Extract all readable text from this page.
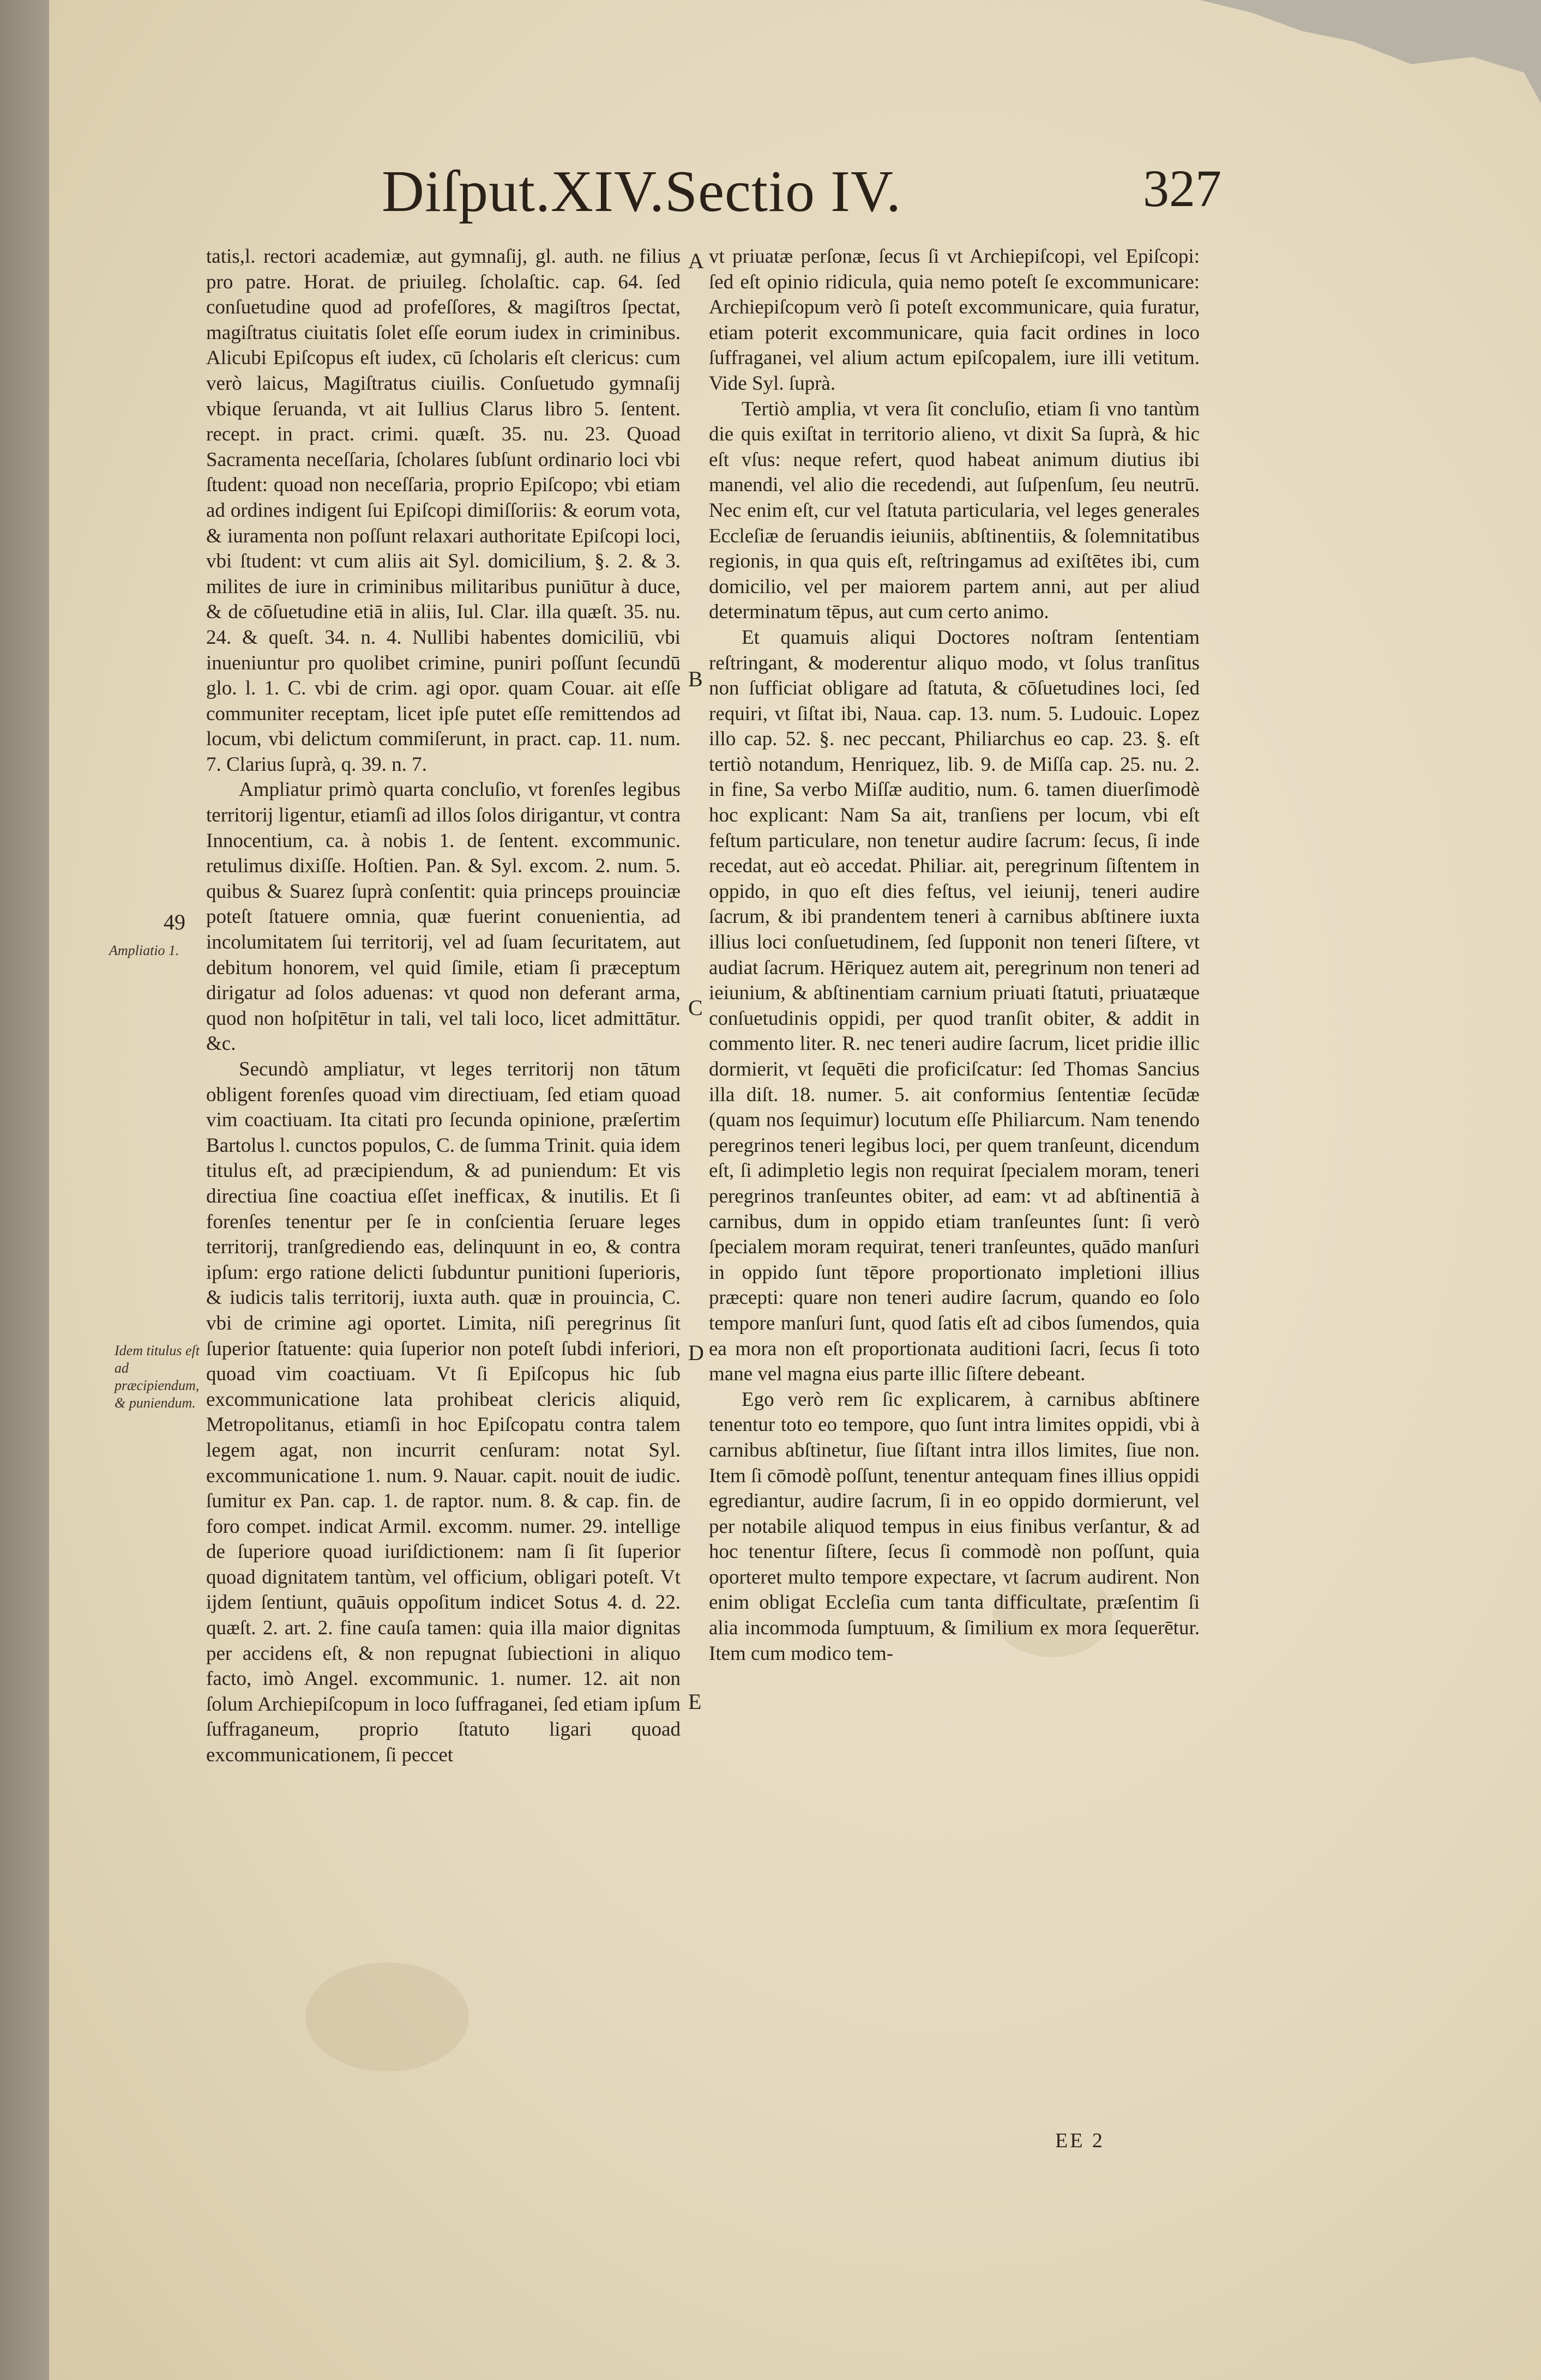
Diſput.XIV.Sectio IV.	327

tatis,l. rectori academiæ, aut gymnaſij, gl. auth. ne filius pro patre. Horat. de priuileg. ſcholaſtic. cap. 64. ſed conſuetudine quod ad profeſſores, & magiſtros ſpectat, magiſtratus ciuitatis ſolet eſſe eorum iudex in criminibus. Alicubi Epiſcopus eſt iudex, cū ſcholaris eſt clericus: cum verò laicus, Magiſtratus ciuilis. Conſuetudo gymnaſij vbique ſeruanda, vt ait Iullius Clarus libro 5. ſentent. recept. in pract. crimi. quæſt. 35. nu. 23. Quoad Sacramenta neceſſaria, ſcholares ſubſunt ordinario loci vbi ſtudent: quoad non neceſſaria, proprio Epiſcopo; vbi etiam ad ordines indigent ſui Epiſcopi dimiſſoriis: & eorum vota, & iuramenta non poſſunt relaxari authoritate Epiſcopi loci, vbi ſtudent: vt cum aliis ait Syl. domicilium, §. 2. & 3. milites de iure in criminibus militaribus puniūtur à duce, & de cōſuetudine etiā in aliis, Iul. Clar. illa quæſt. 35. nu. 24. & queſt. 34. n. 4. Nullibi habentes domiciliū, vbi inueniuntur pro quolibet crimine, puniri poſſunt ſecundū glo. l. 1. C. vbi de crim. agi opor. quam Couar. ait eſſe communiter receptam, licet ipſe putet eſſe remittendos ad locum, vbi delictum commiſerunt, in pract. cap. 11. num. 7. Clarius ſuprà, q. 39. n. 7.

Ampliatur primò quarta concluſio, vt forenſes legibus territorij ligentur, etiamſi ad illos ſolos dirigantur, vt contra Innocentium, ca. à nobis 1. de ſentent. excommunic. retulimus dixiſſe. Hoſtien. Pan. & Syl. excom. 2. num. 5. quibus & Suarez ſuprà conſentit: quia princeps prouinciæ poteſt ſtatuere omnia, quæ fuerint conuenientia, ad incolumitatem ſui territorij, vel ad ſuam ſecuritatem, aut debitum honorem, vel quid ſimile, etiam ſi præceptum dirigatur ad ſolos aduenas: vt quod non deferant arma, quod non hoſpitētur in tali, vel tali loco, licet admittātur. &c.

Secundò ampliatur, vt leges territorij non tātum obligent forenſes quoad vim directiuam, ſed etiam quoad vim coactiuam. Ita citati pro ſecunda opinione, præſertim Bartolus l. cunctos populos, C. de ſumma Trinit. quia idem titulus eſt, ad præcipiendum, & ad puniendum: Et vis directiua ſine coactiua eſſet inefficax, & inutilis. Et ſi forenſes tenentur per ſe in conſcientia ſeruare leges territorij, tranſgrediendo eas, delinquunt in eo, & contra ipſum: ergo ratione delicti ſubduntur punitioni ſuperioris, & iudicis talis territorij, iuxta auth. quæ in prouincia, C. vbi de crimine agi oportet. Limita, niſi peregrinus ſit ſuperior ſtatuente: quia ſuperior non poteſt ſubdi inferiori, quoad vim coactiuam. Vt ſi Epiſcopus hic ſub excommunicatione lata prohibeat clericis aliquid, Metropolitanus, etiamſi in hoc Epiſcopatu contra talem legem agat, non incurrit cenſuram: notat Syl. excommunicatione 1. num. 9. Nauar. capit. nouit de iudic. ſumitur ex Pan. cap. 1. de raptor. num. 8. & cap. fin. de foro compet. indicat Armil. excomm. numer. 29. intellige de ſuperiore quoad iuriſdictionem: nam ſi ſit ſuperior quoad dignitatem tantùm, vel officium, obligari poteſt. Vt ijdem ſentiunt, quāuis oppoſitum indicet Sotus 4. d. 22. quæſt. 2. art. 2. fine cauſa tamen: quia illa maior dignitas per accidens eſt, & non repugnat ſubiectioni in aliquo facto, imò Angel. excommunic. 1. numer. 12. ait non ſolum Archiepiſcopum in loco ſuffraganei, ſed etiam ipſum ſuffraganeum, proprio ſtatuto ligari quoad excommunicationem, ſi peccet

vt priuatæ perſonæ, ſecus ſi vt Archiepiſcopi, vel Epiſcopi: ſed eſt opinio ridicula, quia nemo poteſt ſe excommunicare: Archiepiſcopum verò ſi poteſt excommunicare, quia furatur, etiam poterit excommunicare, quia facit ordines in loco ſuffraganei, vel alium actum epiſcopalem, iure illi vetitum. Vide Syl. ſuprà.

Tertiò amplia, vt vera ſit concluſio, etiam ſi vno tantùm die quis exiſtat in territorio alieno, vt dixit Sa ſuprà, & hic eſt vſus: neque refert, quod habeat animum diutius ibi manendi, vel alio die recedendi, aut ſuſpenſum, ſeu neutrū. Nec enim eſt, cur vel ſtatuta particularia, vel leges generales Eccleſiæ de ſeruandis ieiuniis, abſtinentiis, & ſolemnitatibus regionis, in qua quis eſt, reſtringamus ad exiſtētes ibi, cum domicilio, vel per maiorem partem anni, aut per aliud determinatum tēpus, aut cum certo animo.

Et quamuis aliqui Doctores noſtram ſententiam reſtringant, & moderentur aliquo modo, vt ſolus tranſitus non ſufficiat obligare ad ſtatuta, & cōſuetudines loci, ſed requiri, vt ſiſtat ibi, Naua. cap. 13. num. 5. Ludouic. Lopez illo cap. 52. §. nec peccant, Philiarchus eo cap. 23. §. eſt tertiò notandum, Henriquez, lib. 9. de Miſſa cap. 25. nu. 2. in fine, Sa verbo Miſſæ auditio, num. 6. tamen diuerſimodè hoc explicant: Nam Sa ait, tranſiens per locum, vbi eſt feſtum particulare, non tenetur audire ſacrum: ſecus, ſi inde recedat, aut eò accedat. Philiar. ait, peregrinum ſiſtentem in oppido, in quo eſt dies feſtus, vel ieiunij, teneri audire ſacrum, & ibi prandentem teneri à carnibus abſtinere iuxta illius loci conſuetudinem, ſed ſupponit non teneri ſiſtere, vt audiat ſacrum. Hēriquez autem ait, peregrinum non teneri ad ieiunium, & abſtinentiam carnium priuati ſtatuti, priuatæque conſuetudinis oppidi, per quod tranſit obiter, & addit in commento liter. R. nec teneri audire ſacrum, licet pridie illic dormierit, vt ſequēti die proficiſcatur: ſed Thomas Sancius illa diſt. 18. numer. 5. ait conformius ſententiæ ſecūdæ (quam nos ſequimur) locutum eſſe Philiarcum. Nam tenendo peregrinos teneri legibus loci, per quem tranſeunt, dicendum eſt, ſi adimpletio legis non requirat ſpecialem moram, teneri peregrinos tranſeuntes obiter, ad eam: vt ad abſtinentiā à carnibus, dum in oppido etiam tranſeuntes ſunt: ſi verò ſpecialem moram requirat, teneri tranſeuntes, quādo manſuri in oppido ſunt tēpore proportionato impletioni illius præcepti: quare non teneri audire ſacrum, quando eo ſolo tempore manſuri ſunt, quod ſatis eſt ad cibos ſumendos, quia ea mora non eſt proportionata auditioni ſacri, ſecus ſi toto mane vel magna eius parte illic ſiſtere debeant.

Ego verò rem ſic explicarem, à carnibus abſtinere tenentur toto eo tempore, quo ſunt intra limites oppidi, vbi à carnibus abſtinetur, ſiue ſiſtant intra illos limites, ſiue non. Item ſi cōmodè poſſunt, tenentur antequam fines illius oppidi egrediantur, audire ſacrum, ſi in eo oppido dormierunt, vel per notabile aliquod tempus in eius finibus verſantur, & ad hoc tenentur ſiſtere, ſecus ſi commodè non poſſunt, quia oporteret multo tempore expectare, vt ſacrum audirent. Non enim obligat Eccleſia cum tanta difficultate, præſentim ſi alia incommoda ſumptuum, & ſimilium ex mora ſequerētur. Item cum modico tem-

A
B
C
D
E
49
Ampliatio 1.
Idem titulus eſt ad præcipiendum, & puniendum.
EE 2
